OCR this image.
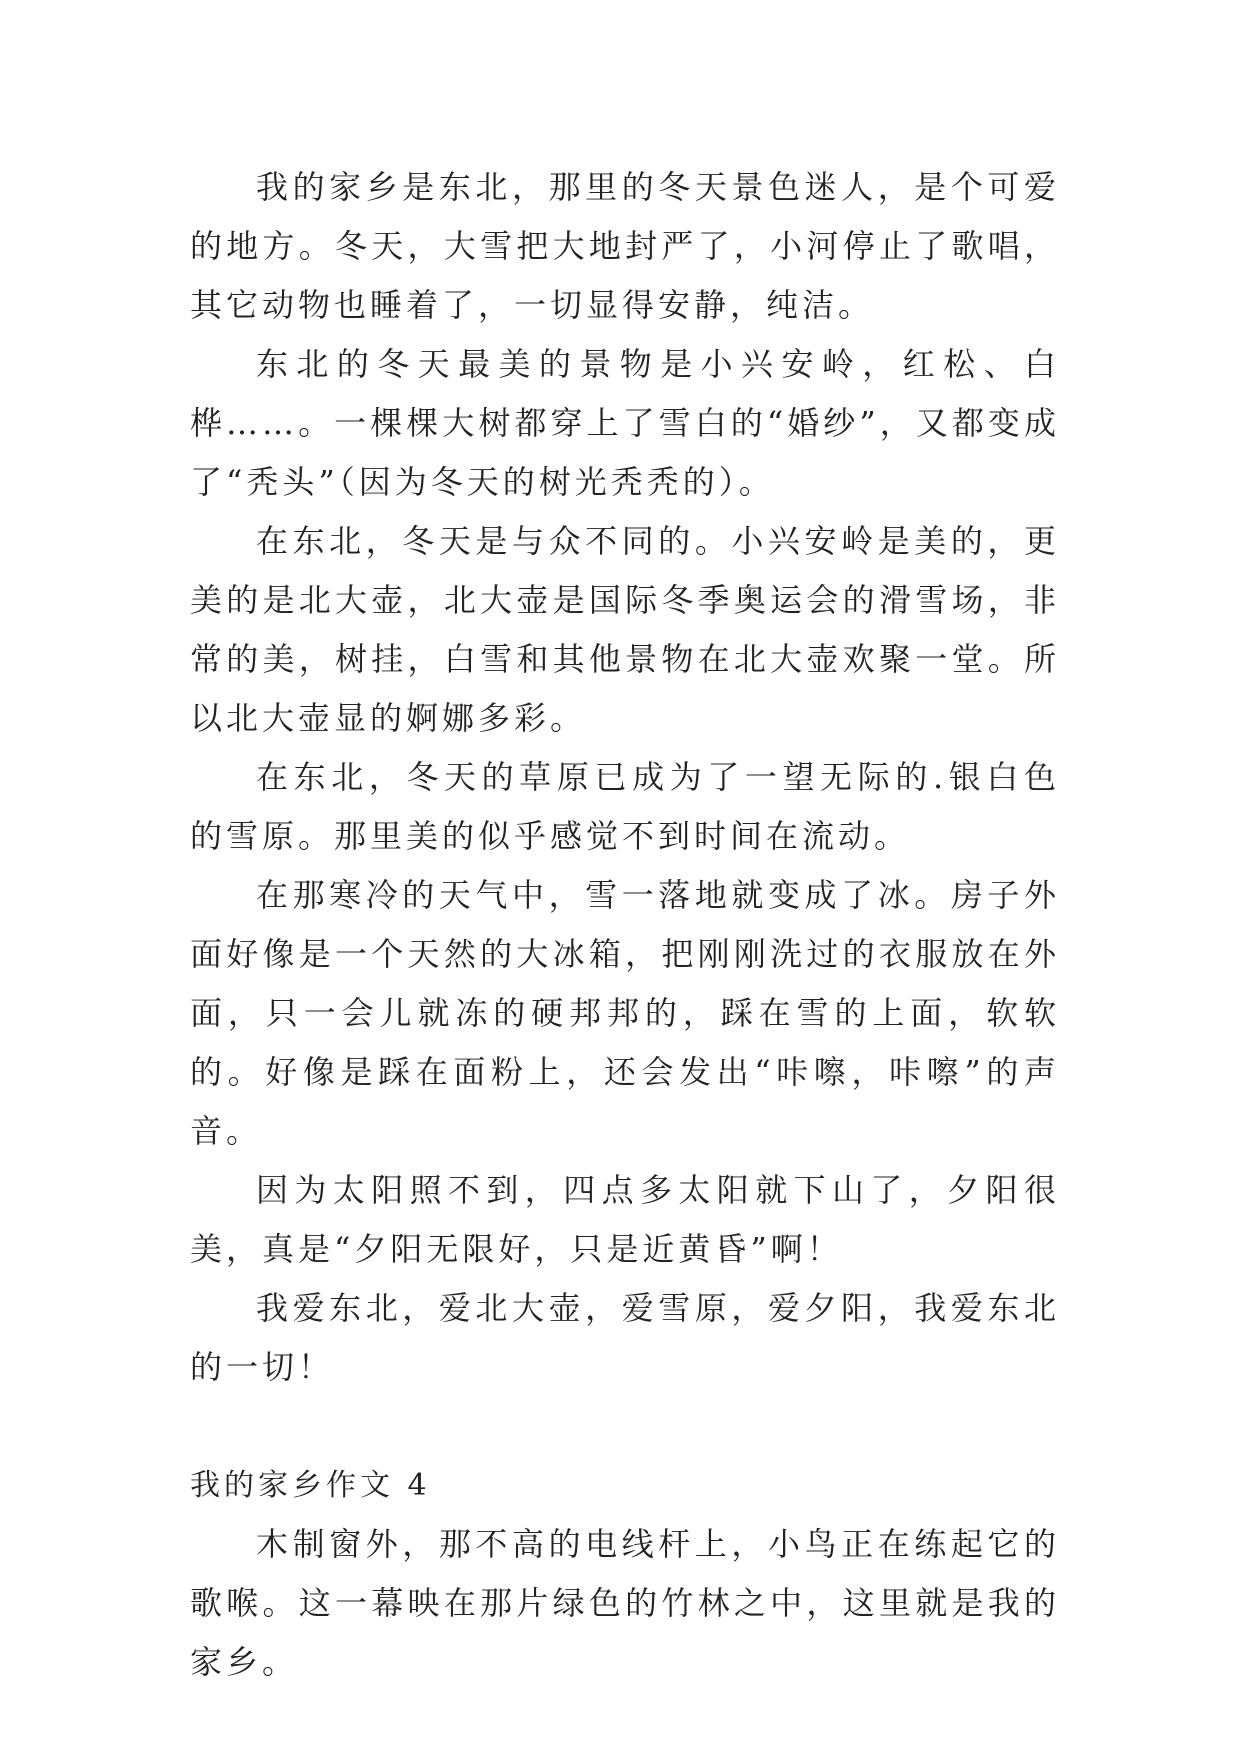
我的家乡是东北，那里的冬天景色迷人，是个可爱的地方。冬天，大雪把大地封严了，小河停止了歌唱，其它动物也睡着了，一切显得安静，纯洁。

东北的冬天最美的景物是小兴安岭，红松、白桦……。一棵棵大树都穿上了雪白的“婚纱”，又都变成了“秃头”（因为冬天的树光秃秃的）。

在东北，冬天是与众不同的。小兴安岭是美的，更美的是北大壶，北大壶是国际冬季奥运会的滑雪场，非常的美，树挂，白雪和其他景物在北大壶欢聚一堂。所以北大壶显的婀娜多彩。

在东北，冬天的草原已成为了一望无际的.银白色的雪原。那里美的似乎感觉不到时间在流动。

在那寒冷的天气中，雪一落地就变成了冰。房子外面好像是一个天然的大冰箱，把刚刚洗过的衣服放在外面，只一会儿就冻的硬邦邦的，踩在雪的上面，软软的。好像是踩在面粉上，还会发出“咔嚓，咔嚓”的声音。

因为太阳照不到，四点多太阳就下山了，夕阳很美，真是“夕阳无限好，只是近黄昏”啊！

我爱东北，爱北大壶，爱雪原，爱夕阳，我爱东北的一切！

我的家乡作文 4

木制窗外，那不高的电线杆上，小鸟正在练起它的歌喉。这一幕映在那片绿色的竹林之中，这里就是我的家乡。
